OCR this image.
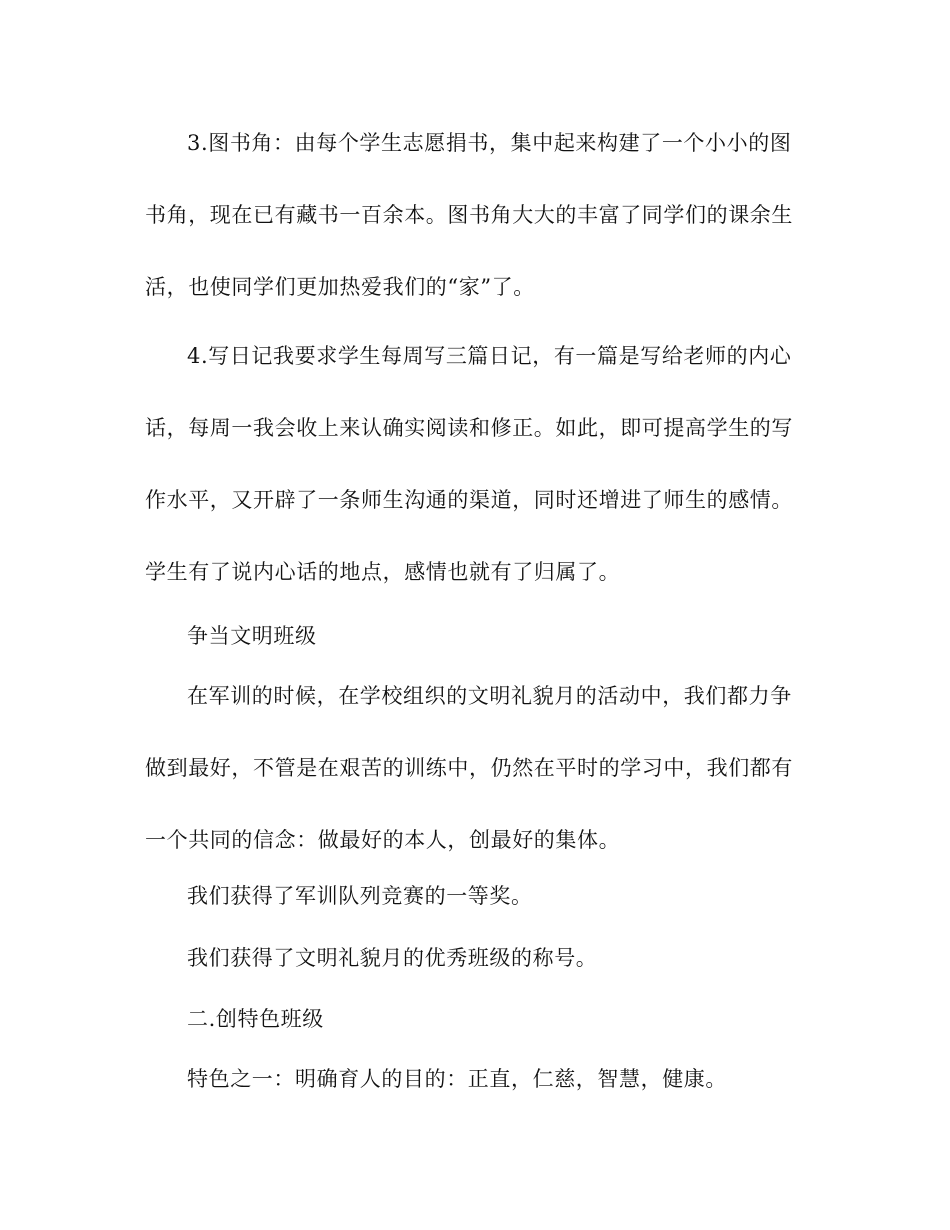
3.图书角：由每个学生志愿捐书，集中起来构建了一个小小的图
书角，现在已有藏书一百余本。图书角大大的丰富了同学们的课余生
活，也使同学们更加热爱我们的“家”了。
4.写日记我要求学生每周写三篇日记，有一篇是写给老师的内心
话，每周一我会收上来认确实阅读和修正。如此，即可提高学生的写
作水平，又开辟了一条师生沟通的渠道，同时还增进了师生的感情。
学生有了说内心话的地点，感情也就有了归属了。
争当文明班级
在军训的时候，在学校组织的文明礼貌月的活动中，我们都力争
做到最好，不管是在艰苦的训练中，仍然在平时的学习中，我们都有
一个共同的信念：做最好的本人，创最好的集体。
我们获得了军训队列竞赛的一等奖。
我们获得了文明礼貌月的优秀班级的称号。
二.创特色班级
特色之一：明确育人的目的：正直，仁慈，智慧，健康。
